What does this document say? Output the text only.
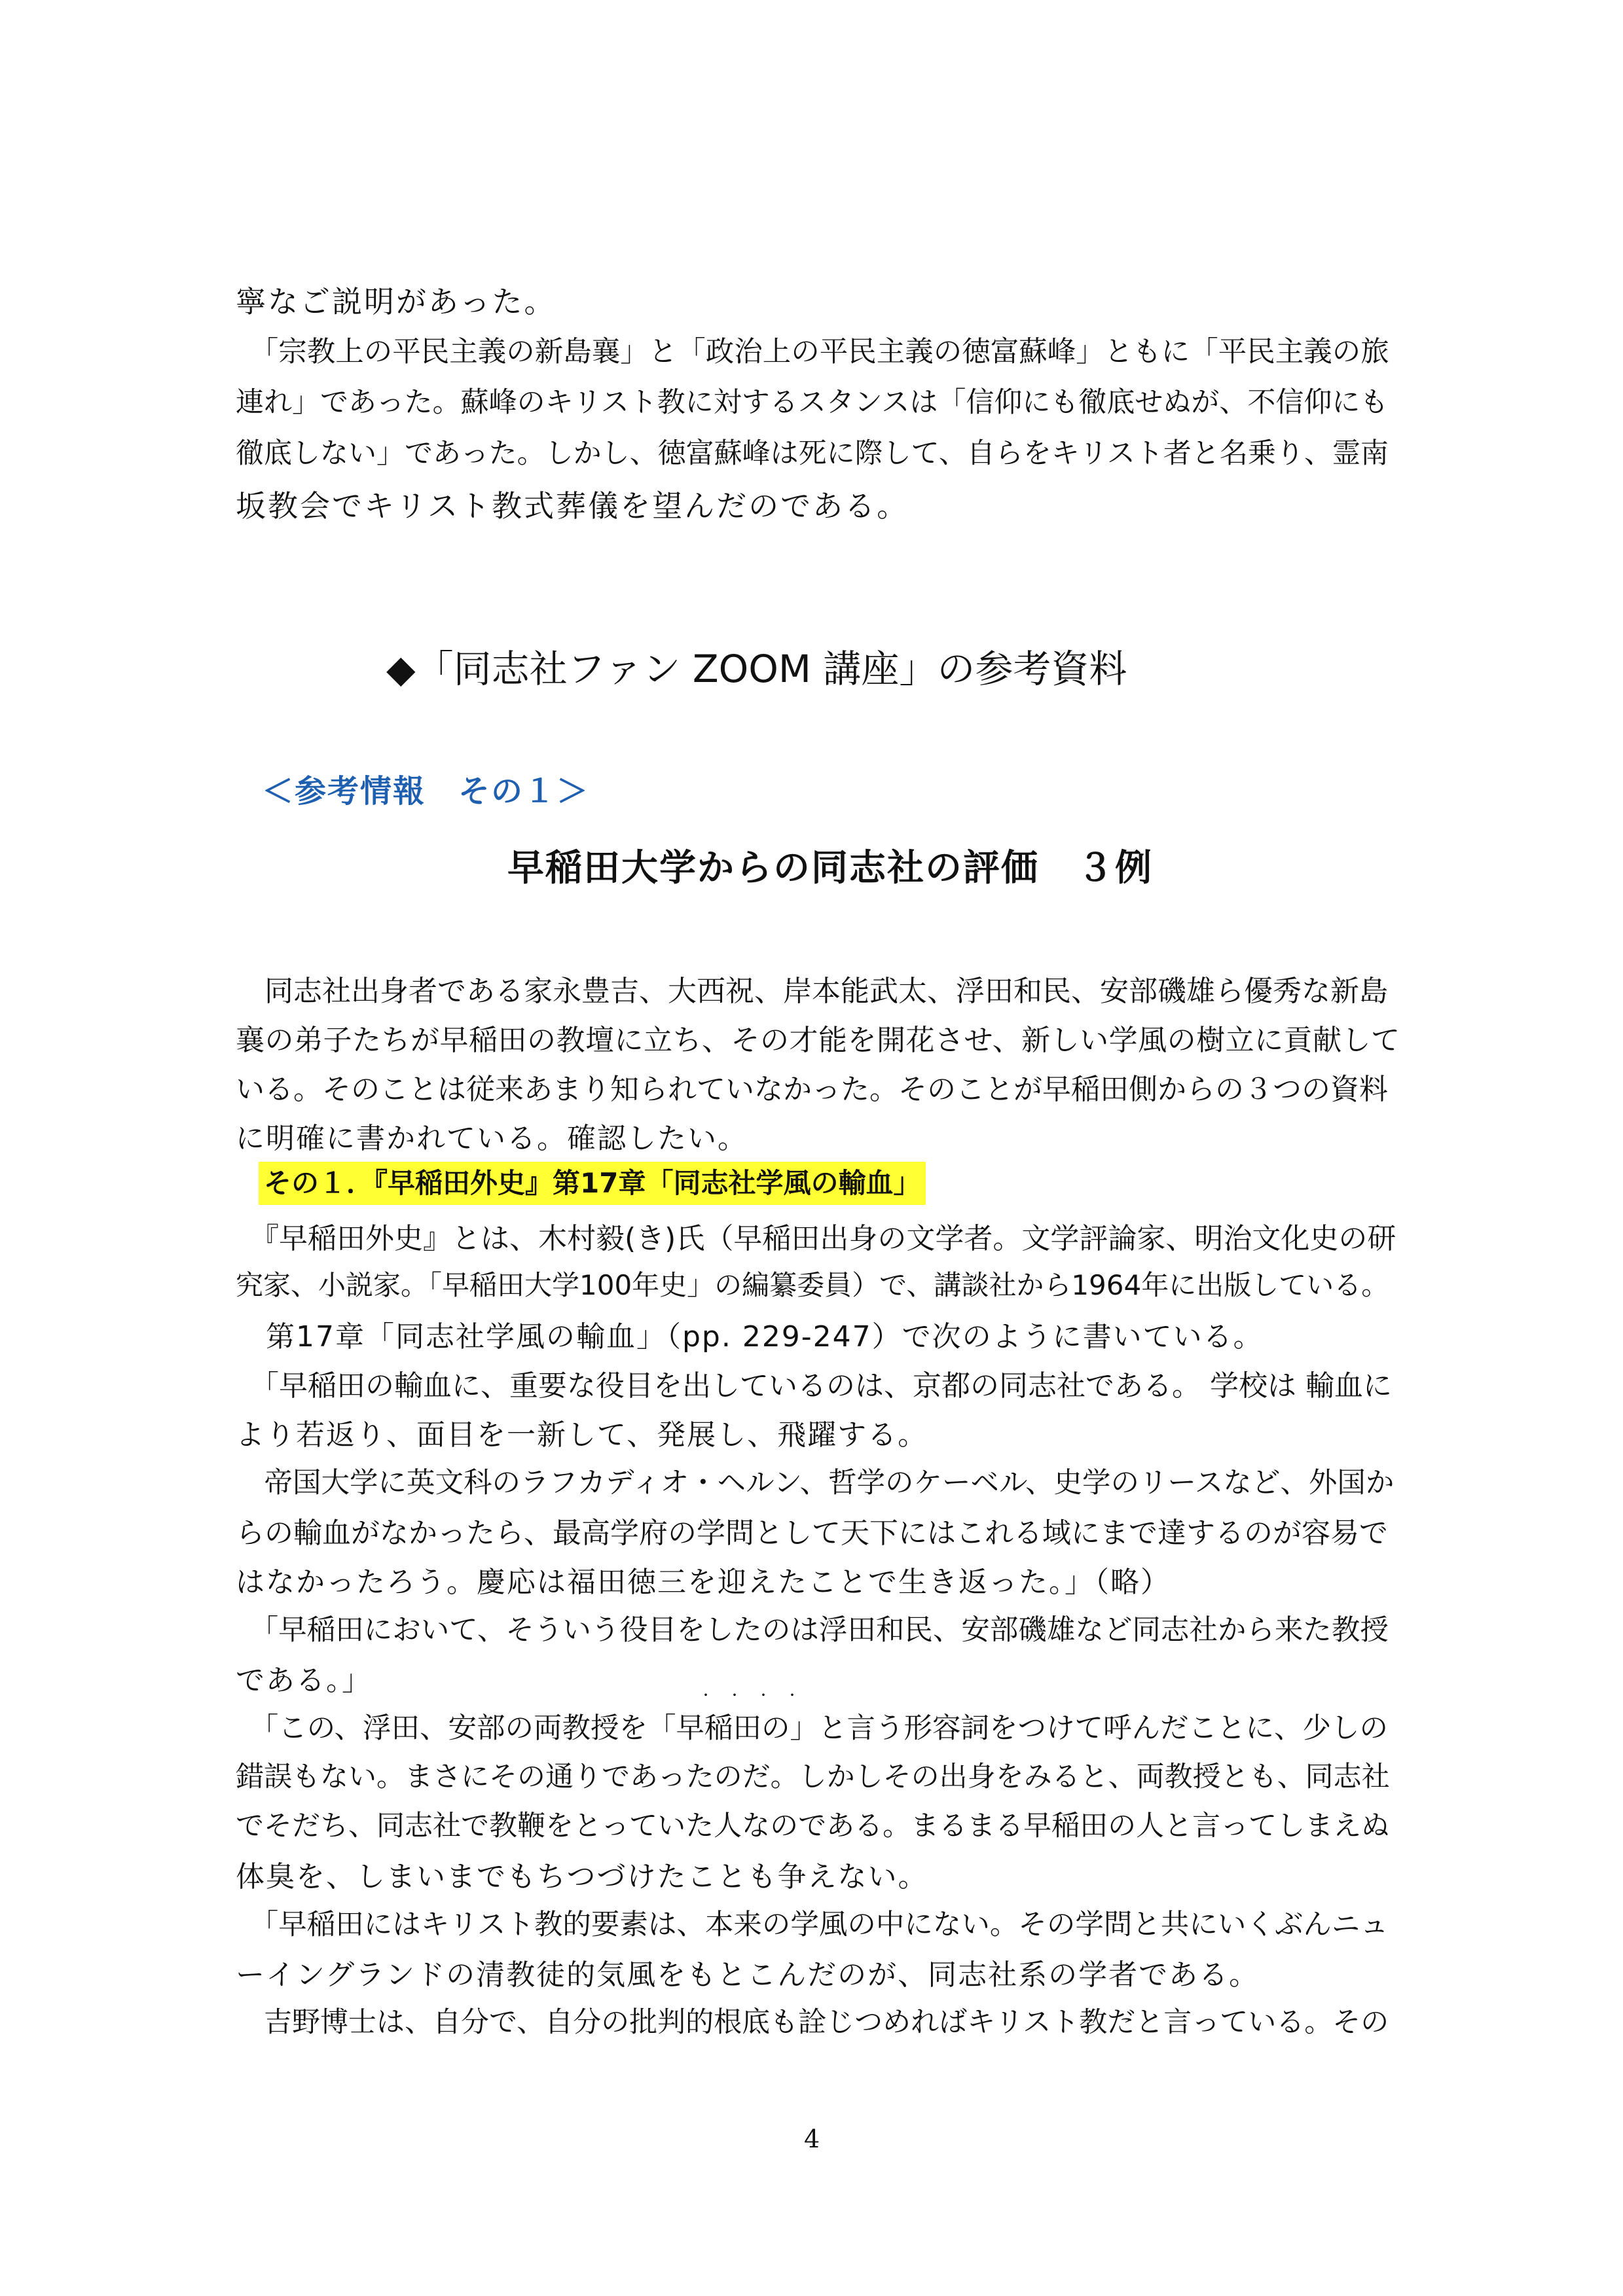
寧なご説明があった。
　「宗教上の平民主義の新島襄」と「政治上の平民主義の徳富蘇峰」ともに「平民主義の旅
連れ」であった。蘇峰のキリスト教に対するスタンスは「信仰にも徹底せぬが、不信仰にも
徹底しない」であった。しかし、徳富蘇峰は死に際して、自らをキリスト者と名乗り、霊南
坂教会でキリスト教式葬儀を望んだのである。
◆「同志社ファン ZOOM 講座」の参考資料
＜参考情報　その１＞
早稲田大学からの同志社の評価　３例
　同志社出身者である家永豊吉、大西祝、岸本能武太、浮田和民、安部磯雄ら優秀な新島
襄の弟子たちが早稲田の教壇に立ち、その才能を開花させ、新しい学風の樹立に貢献して
いる。そのことは従来あまり知られていなかった。そのことが早稲田側からの３つの資料
に明確に書かれている。確認したい。
その１．『早稲田外史』第17章「同志社学風の輸血」
　『早稲田外史』とは、木村毅(き)氏（早稲田出身の文学者。文学評論家、明治文化史の研
究家、小説家。「早稲田大学100年史」の編纂委員）で、講談社から1964年に出版している。
　第17章「同志社学風の輸血」（pp. 229-247）で次のように書いている。
　「早稲田の輸血に、重要な役目を出しているのは、京都の同志社である。 学校は 輸血に
より若返り、面目を一新して、発展し、飛躍する。
　帝国大学に英文科のラフカディオ・ヘルン、哲学のケーベル、史学のリースなど、外国か
らの輸血がなかったら、最高学府の学問として天下にはこれる域にまで達するのが容易で
はなかったろう。慶応は福田徳三を迎えたことで生き返った。」（略）
　「早稲田において、そういう役目をしたのは浮田和民、安部磯雄など同志社から来た教授
である。」	・・・・
　「この、浮田、安部の両教授を「早稲田の」と言う形容詞をつけて呼んだことに、少しの
錯誤もない。まさにその通りであったのだ。しかしその出身をみると、両教授とも、同志社
でそだち、同志社で教鞭をとっていた人なのである。まるまる早稲田の人と言ってしまえぬ
体臭を、しまいまでもちつづけたことも争えない。
　「早稲田にはキリスト教的要素は、本来の学風の中にない。その学問と共にいくぶんニュ
ーイングランドの清教徒的気風をもとこんだのが、同志社系の学者である。
　吉野博士は、自分で、自分の批判的根底も詮じつめればキリスト教だと言っている。その
4
